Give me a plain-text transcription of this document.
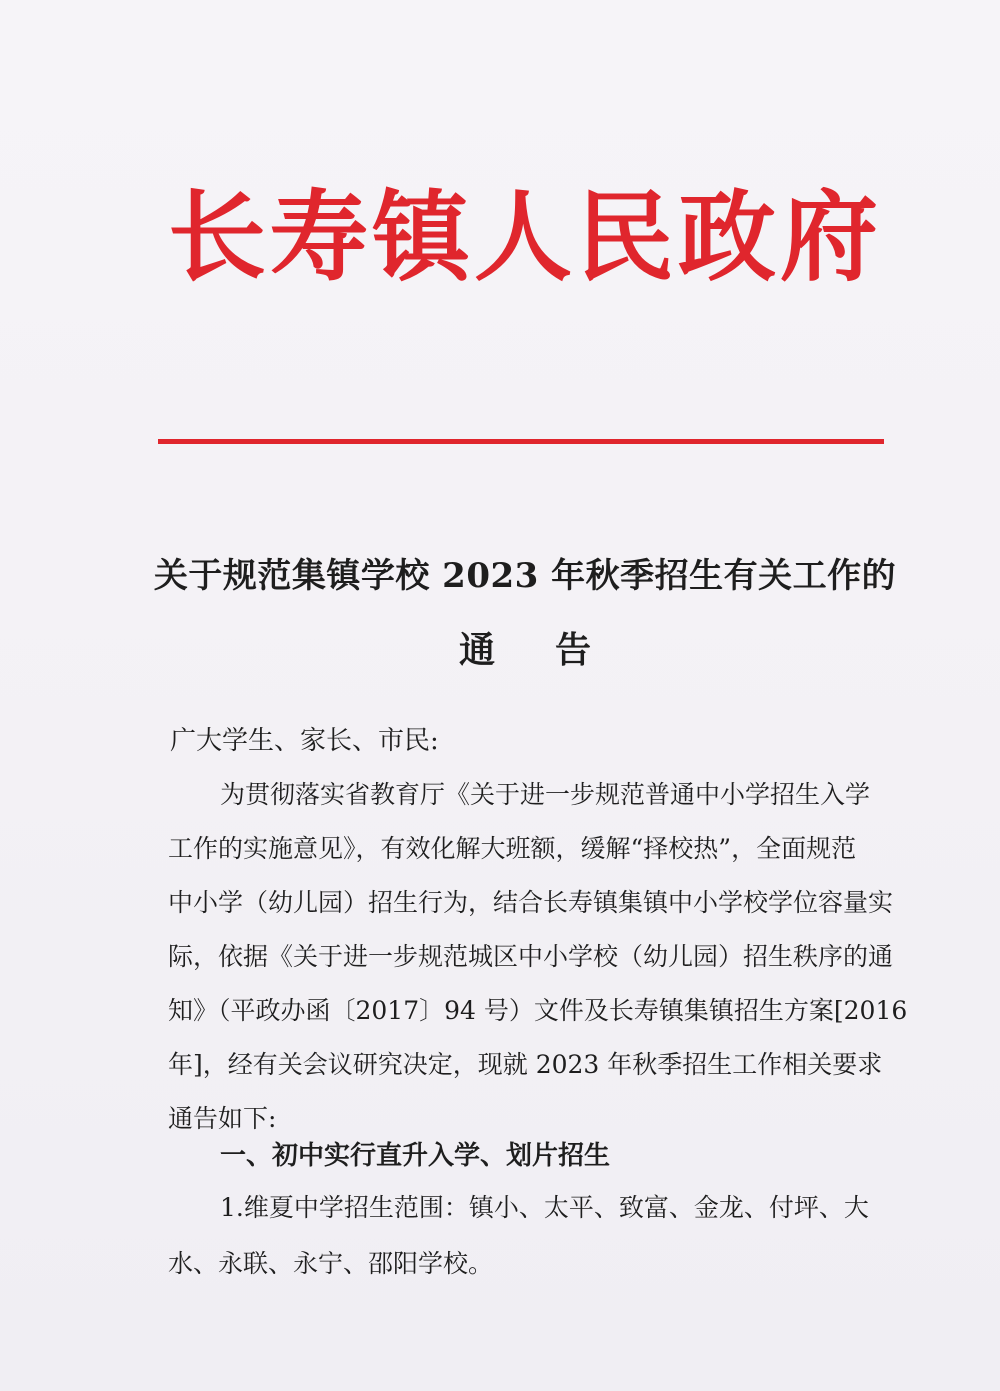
长寿镇人民政府
关于规范集镇学校 2023 年秋季招生有关工作的
通告
广大学生、家长、市民:
为贯彻落实省教育厅《关于进一步规范普通中小学招生入学
工作的实施意见》，有效化解大班额，缓解“择校热”，全面规范
中小学（幼儿园）招生行为，结合长寿镇集镇中小学校学位容量实
际，依据《关于进一步规范城区中小学校（幼儿园）招生秩序的通
知》（平政办函〔2017〕94 号）文件及长寿镇集镇招生方案[2016
年]，经有关会议研究决定，现就 2023 年秋季招生工作相关要求
通告如下:
一、初中实行直升入学、划片招生
1.维夏中学招生范围：镇小、太平、致富、金龙、付坪、大
水、永联、永宁、邵阳学校。
